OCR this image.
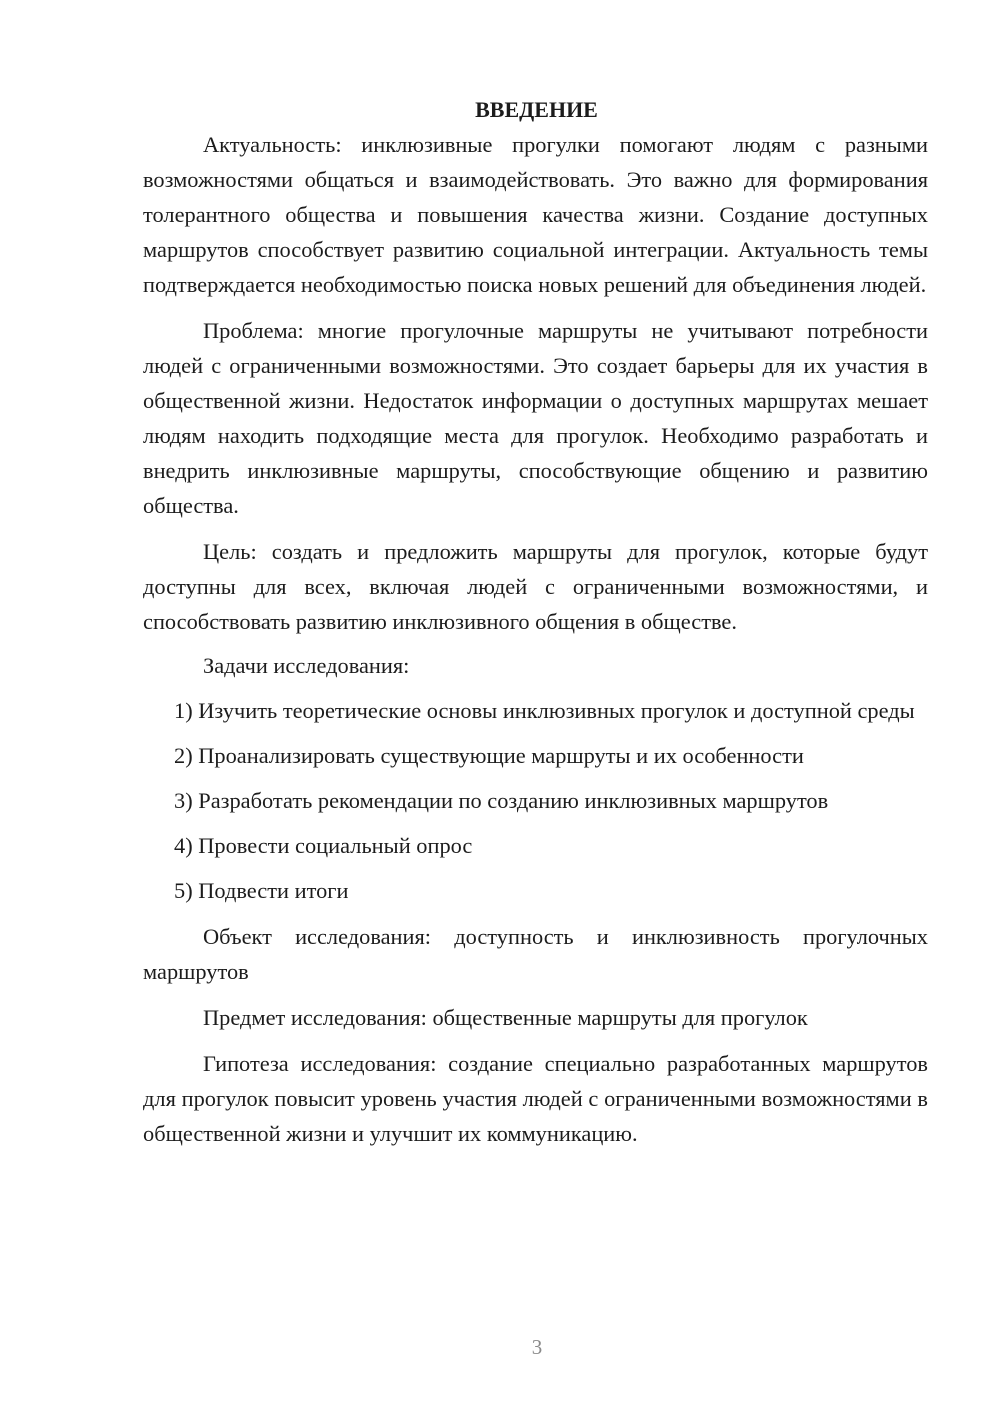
ВВЕДЕНИЕ

Актуальность: инклюзивные прогулки помогают людям с разными возможностями общаться и взаимодействовать. Это важно для формирования толерантного общества и повышения качества жизни. Создание доступных маршрутов способствует развитию социальной интеграции. Актуальность темы подтверждается необходимостью поиска новых решений для объединения людей.

Проблема: многие прогулочные маршруты не учитывают потребности людей с ограниченными возможностями. Это создает барьеры для их участия в общественной жизни. Недостаток информации о доступных маршрутах мешает людям находить подходящие места для прогулок. Необходимо разработать и внедрить инклюзивные маршруты, способствующие общению и развитию общества.

Цель: создать и предложить маршруты для прогулок, которые будут доступны для всех, включая людей с ограниченными возможностями, и способствовать развитию инклюзивного общения в обществе.

Задачи исследования:

1) Изучить теоретические основы инклюзивных прогулок и доступной среды

2) Проанализировать существующие маршруты и их особенности

3) Разработать рекомендации по созданию инклюзивных маршрутов

4) Провести социальный опрос

5) Подвести итоги

Объект исследования: доступность и инклюзивность прогулочных маршрутов

Предмет исследования: общественные маршруты для прогулок

Гипотеза исследования: создание специально разработанных маршрутов для прогулок повысит уровень участия людей с ограниченными возможностями в общественной жизни и улучшит их коммуникацию.

3
